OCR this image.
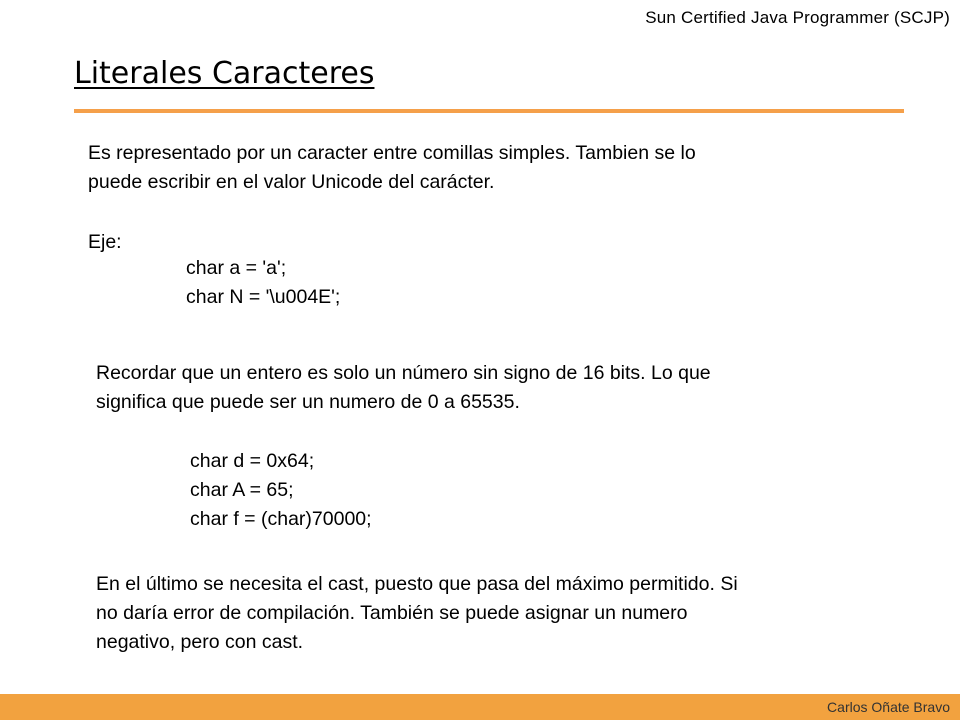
Sun Certified Java Programmer (SCJP)
Literales Caracteres

Es representado por un caracter entre comillas simples. Tambien se lo

puede escribir en el valor Unicode del carácter.

Eje:

char a = 'a';

char N = '\u004E';

Recordar que un entero es solo un número sin signo de 16 bits. Lo que

significa que puede ser un numero de 0 a 65535.

char d = 0x64;

char A = 65;

char f = (char)70000;

En el último se necesita el cast, puesto que pasa del máximo permitido. Si

no daría error de compilación. También se puede asignar un numero

negativo, pero con cast.

Carlos Oñate Bravo
